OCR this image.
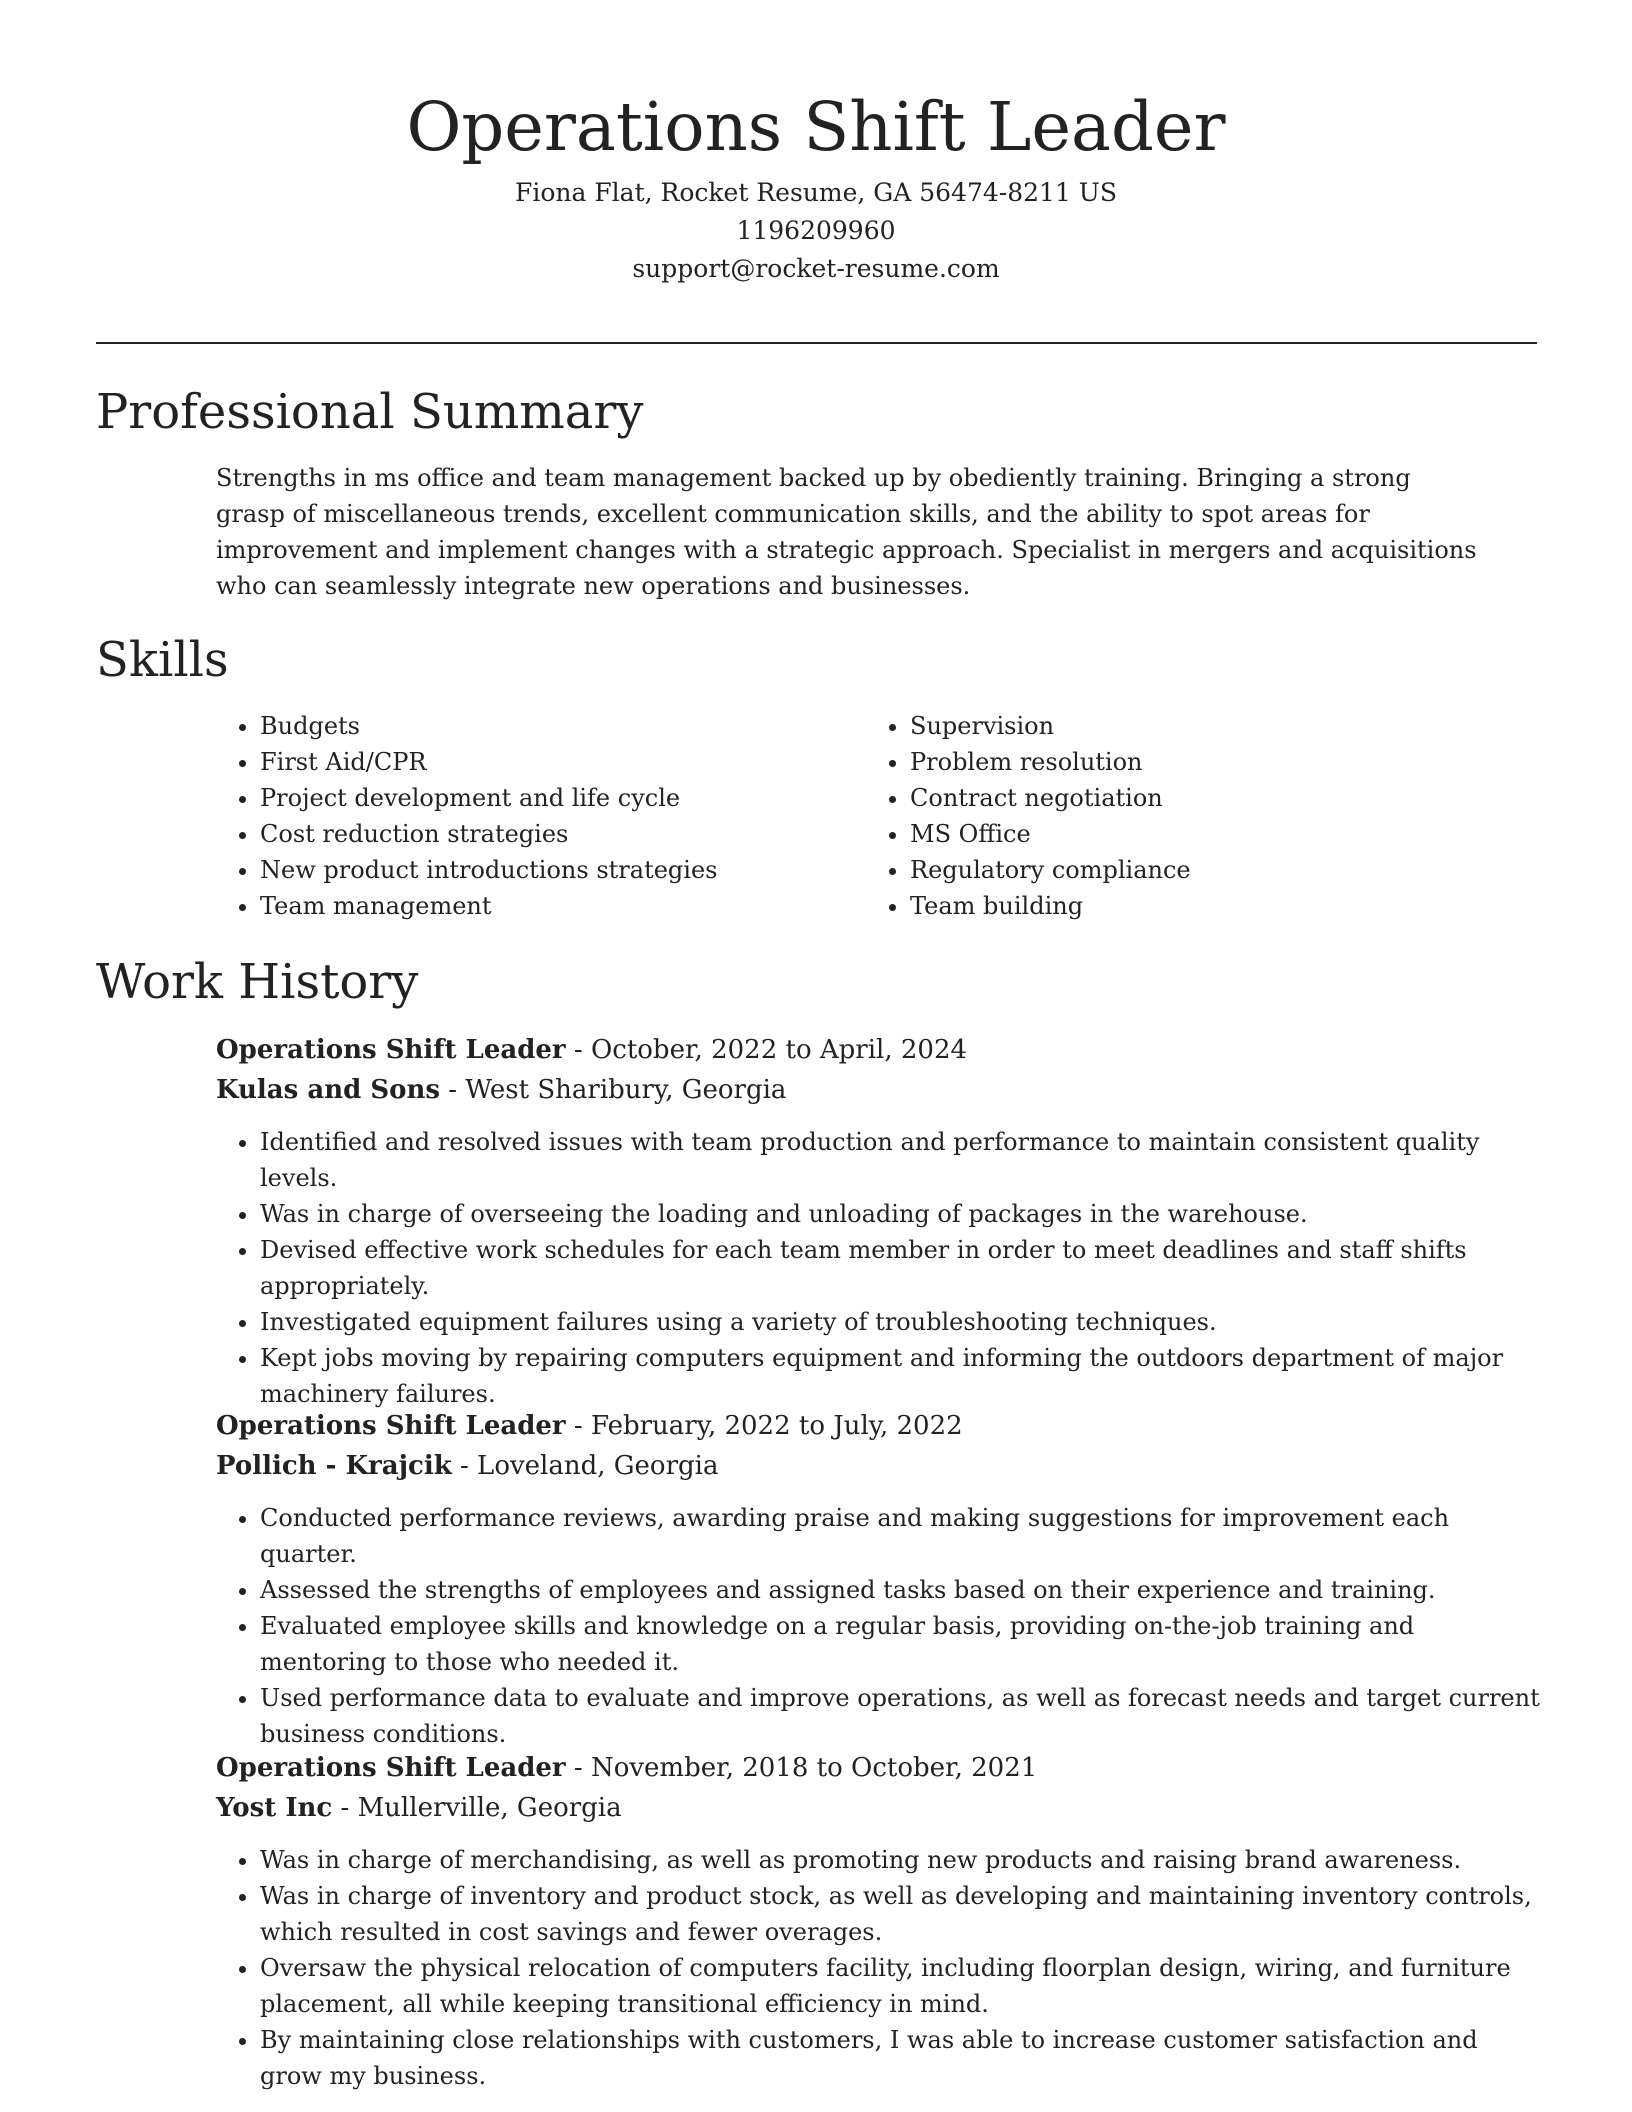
Operations Shift Leader
Fiona Flat, Rocket Resume, GA 56474-8211 US
1196209960
support@rocket-resume.com
Professional Summary
Strengths in ms office and team management backed up by obediently training. Bringing a strong grasp of miscellaneous trends, excellent communication skills, and the ability to spot areas for improvement and implement changes with a strategic approach. Specialist in mergers and acquisitions who can seamlessly integrate new operations and businesses.
Skills
• Budgets
• First Aid/CPR
• Project development and life cycle
• Cost reduction strategies
• New product introductions strategies
• Team management
• Supervision
• Problem resolution
• Contract negotiation
• MS Office
• Regulatory compliance
• Team building
Work History
Operations Shift Leader - October, 2022 to April, 2024
Kulas and Sons - West Sharibury, Georgia
• Identified and resolved issues with team production and performance to maintain consistent quality levels.
• Was in charge of overseeing the loading and unloading of packages in the warehouse.
• Devised effective work schedules for each team member in order to meet deadlines and staff shifts appropriately.
• Investigated equipment failures using a variety of troubleshooting techniques.
• Kept jobs moving by repairing computers equipment and informing the outdoors department of major machinery failures.
Operations Shift Leader - February, 2022 to July, 2022
Pollich - Krajcik - Loveland, Georgia
• Conducted performance reviews, awarding praise and making suggestions for improvement each quarter.
• Assessed the strengths of employees and assigned tasks based on their experience and training.
• Evaluated employee skills and knowledge on a regular basis, providing on-the-job training and mentoring to those who needed it.
• Used performance data to evaluate and improve operations, as well as forecast needs and target current business conditions.
Operations Shift Leader - November, 2018 to October, 2021
Yost Inc - Mullerville, Georgia
• Was in charge of merchandising, as well as promoting new products and raising brand awareness.
• Was in charge of inventory and product stock, as well as developing and maintaining inventory controls, which resulted in cost savings and fewer overages.
• Oversaw the physical relocation of computers facility, including floorplan design, wiring, and furniture placement, all while keeping transitional efficiency in mind.
• By maintaining close relationships with customers, I was able to increase customer satisfaction and grow my business.
